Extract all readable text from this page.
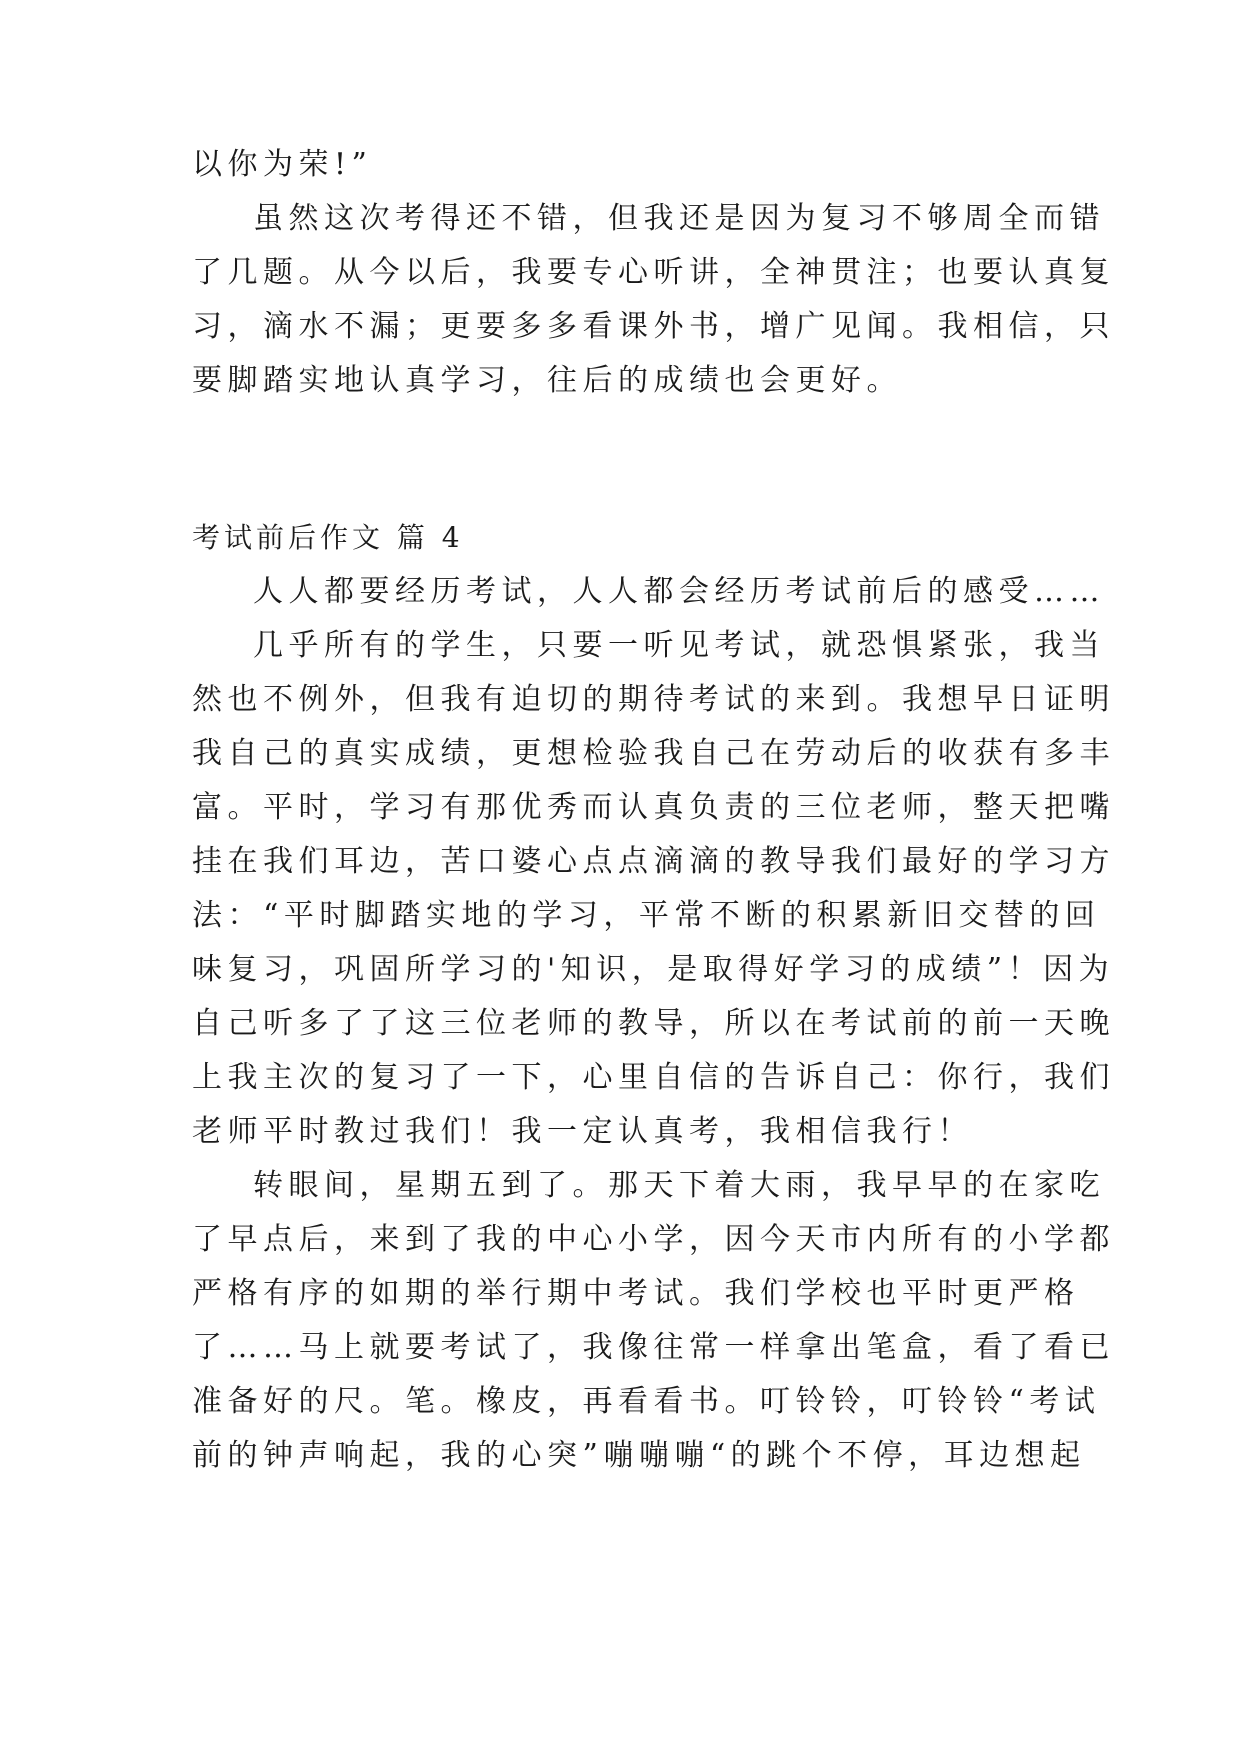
以你为荣!”
虽然这次考得还不错，但我还是因为复习不够周全而错
了几题。从今以后，我要专心听讲，全神贯注；也要认真复
习，滴水不漏；更要多多看课外书，增广见闻。我相信，只
要脚踏实地认真学习，往后的成绩也会更好。
考试前后作文 篇 4
人人都要经历考试，人人都会经历考试前后的感受……
几乎所有的学生，只要一听见考试，就恐惧紧张，我当
然也不例外，但我有迫切的期待考试的来到。我想早日证明
我自己的真实成绩，更想检验我自己在劳动后的收获有多丰
富。平时，学习有那优秀而认真负责的三位老师，整天把嘴
挂在我们耳边，苦口婆心点点滴滴的教导我们最好的学习方
法：“平时脚踏实地的学习，平常不断的积累新旧交替的回
味复习，巩固所学习的'知识，是取得好学习的成绩”！因为
自己听多了了这三位老师的教导，所以在考试前的前一天晚
上我主次的复习了一下，心里自信的告诉自己：你行，我们
老师平时教过我们！我一定认真考，我相信我行！
转眼间，星期五到了。那天下着大雨，我早早的在家吃
了早点后，来到了我的中心小学，因今天市内所有的小学都
严格有序的如期的举行期中考试。我们学校也平时更严格
了……马上就要考试了，我像往常一样拿出笔盒，看了看已
准备好的尺。笔。橡皮，再看看书。叮铃铃，叮铃铃“考试
前的钟声响起，我的心突”嘣嘣嘣“的跳个不停，耳边想起
